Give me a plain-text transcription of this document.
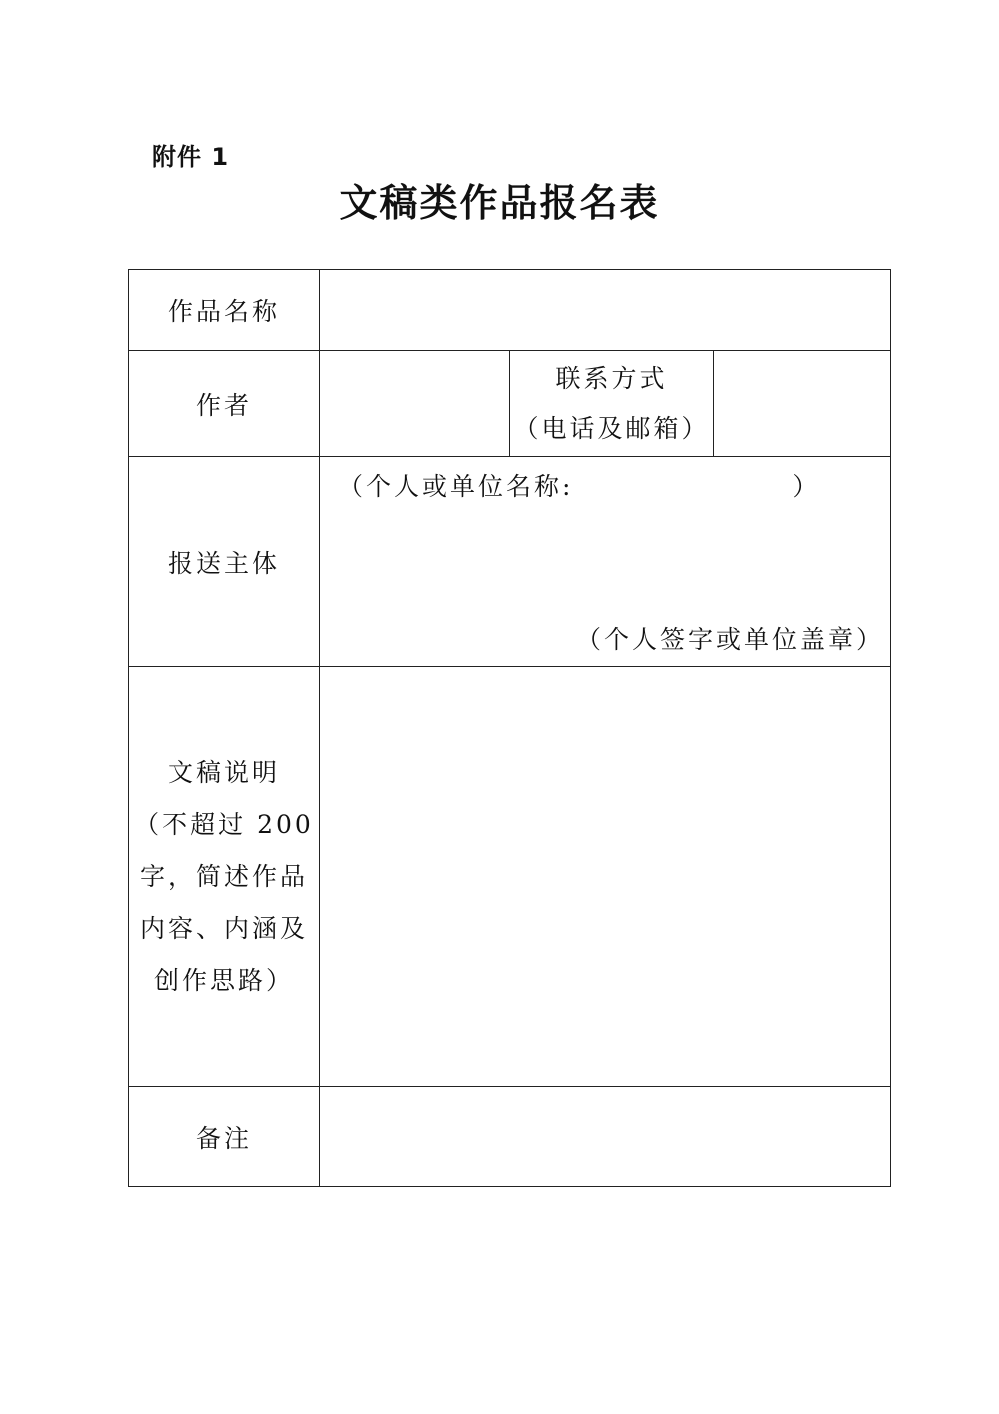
附件 1
文稿类作品报名表
作品名称			
作者		联系方式
（电话及邮箱）	

报送主体	（个人或单位名称:                    ）
（个人签字或单位盖章）		

文稿说明
（不超过 200
字，简述作品
内容、内涵及
创作思路）			

备注			
